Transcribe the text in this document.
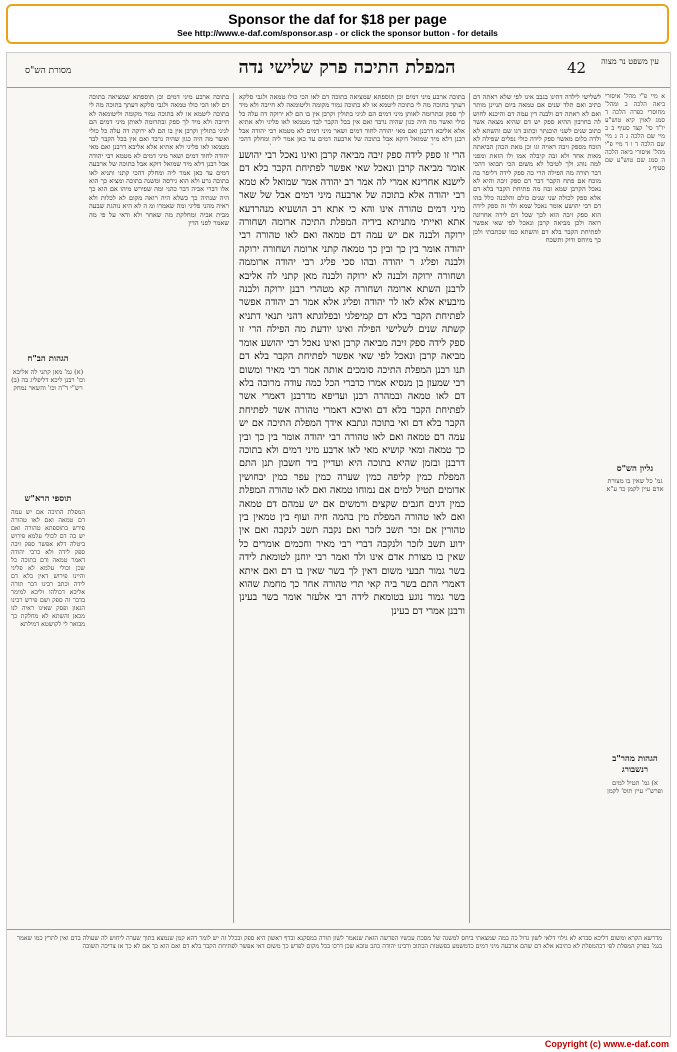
Sponsor the daf for $18 per page
See http://www.e-daf.com/sponsor.asp - or click the sponsor button - for details
מסורת הש"ס	המפלת התיכה פרק שלישי נדה	42 עין משפט נר מצוה
הגהות הב"ח
(א) גמ' מאן קתני לה אליבא וכו' רבנן ליכא דליפליג בה (ב) רש"י ד"ה וכו' והשאר נמחק
תוספי הרא"ש

המפלת התיכה אם יש עמה דם טמאה ואם לאו טהורה פירש בתוספתא טהורה ואם יש בה דם לכולי עלמא פירוש ביטלה דלא אפשר ספק זיבה ספק לידה ולא כרבי יהודה דאמר טמאה ודם בתוכה כל שכן וכולי עלמא לא פליגי והיינו פירוש דאין בלא דם לידה וכתב רבינו דבר תורה אליבא דכולהו וליכא למימר בדבר זה ספק ושם פירש רבינו הגאון ופסק שאינו ראיה לנו מכאן והשתא לא מחלקת כך מבואר לי לקושטא דמילתא

בתוכה ארבע מיני דמים וכן תוספתא שמציאה בתוכה דם לאו הכי כולו טמאה ולגבי סלקא דעתך בתוכה מה לי בתוכה ליטמא או לא בתוכה גמור מקומה וליטומאה לא חייבה ולא מיד לך ספק ובתרומה לאותן מיני דמים הם לגיני בתולין וקרבן אין בו הם לא ירוקה דה עלה כל כולי ואשר מה היה כגון שהיה נרבד ואם אין בכל הקבר לבד מטמאו לאו פליגי ולא אתיא אלא אליבא דרבנן ואם מאי יהודה לחוד דמים ושאר מיני דמים לא מטמא רבי יהודה אבל רבנן דלא מיד שמואל דוקא אבל בתוכה של ארבעה דמים עד כאן אמר ליה ומחלק דהכי קתני ותניא לאו בתוכה גרע ולא הוא גירסה ומשנה בתוכה ומציא כך הוא אלו דברי אביה דבר כהני ומה שפירש מיהו אם הוא כך היה שנהיה כך כשלא היה רואה מקום לא לכלות ולא ראיה מהני פליגי ומה שאמרו ומ ה לא היא נוהגת שבעה מבית אביה ומחלקת מה שאחר ולא ודאי על פי מה שאמר לפני הדין

הרי זו ספק לידה ספק זיבה מביאה קרבן ואינו נאכל רבי יהושע אומר מביאה קרבן ונאכל שאי אפשר לפתיחת הקבר בלא דם לישנא אחרינא אמרי לה אמר רב יהודה אמר שמואל לא טמא רבי יהודה אלא בתוכה של ארבעה מיני דמים אבל של שאר מיני דמים טהורה אינו והא כי אתא רב הושעיא מנהרדעא אתא ואייתי מתניתא בידיה המפלת התיכה ארומה ושחורה ירוקה ולבנה אם יש עמה דם טמאה ואם לאו טהורה רבי יהודה אומר בין כך ובין כך טמאה קתני ארומה ושחורה ירוקה ולבנה ופליג ר יהודה ובהו סכי פליג רבי יהודה ארוממה ושחורה ירוקה ולבנה לא ירוקה ולבנה מאן קתני לה אליבא לרבנן השתא ארומה ושחורה קא מטהרי רבנן ירוקה ולבנה מיבעיא אלא לאו לר יהודה ופליג אלא אמר רב יהודה אפשר לפתיחת הקבר בלא דם קמיפלגי ובפלוגתא דהני תנאי דתניא קשתה שנים לשלישי הפילה ואינו יודעת מה הפילה הרי זו ספק לידה ספק זיבה מביאה קרבן ואינו נאכל רבי יהושע אומר מביאה קרבן ונאכל לפי שאי אפשר לפתיחת הקבר בלא דם תנו רבנן המפלת התיכה סומכים אותה אמר רבי מאיר ומשום רבי שמעון בן מנסיא אמרו כדברי הכל כמה עודה מרובה בלא דם לאו טמאה ובמהרה רבנן ועדיפא מדרבנן דאמרי אשר לפתיחת הקבר בלא דם ואיכא דאמרי טהורה אשר לפתיחת הקבר בלא דם ואי בתוכה ונתבא אידך המפלת התיכה אם יש עמה דם טמאה ואם לאו טהורה רבי יהודה אומר בין כך ובין כך טמאה ומאי קושיא מאי לאו ארבע מיני דמים ולא בתוכה דרבנן ובזמן שהיא בתוכה היא ועדיין ביד חשבון תנן התם המפלת כמין קליפה כמין שערה כמין עפר כמין יבחושין אדומים תטיל למים אם נמוחו טמאה ואם לאו טהורה המפלת כמין דגים חגבים שקצים ורמשים אם יש עמהם דם טמאה ואם לאו טהורה המפלת מין בהמה חיה ועוף בין טמאין בין טהורין אם זכר תשב לזכר ואם נקבה תשב לנקבה ואם אין ידוע תשב לזכר ולנקבה דברי רבי מאיר וחכמים אומרים כל שאין בו מצורת אדם אינו ולד ואמר רבי יוחנן לטומאת לידה בשר גמור תבעי משום דאין לך בשר שאין בו דם ואם איתא דאמרי התם בשר ביה קאי תרי טהורה אחר כך מחמת שהוא בשר גמור נוגע בטומאת לידה רבי אלעזר אומר בשר בעינן ורבנן אמרי דם בעינן

בתוכה ארבע מיני דמים וכן תוספתא שמציאה בתוכה דם לאו הכי כולו טמאה ולגבי סלקא דעתך בתוכה מה לי בתוכה ליטמא או לא בתוכה גמור מקומה וליטומאה לא חייבה ולא מיד לך ספק ובתרומה לאותן מיני דמים הם לגיני בתולין וקרבן אין בו הם לא ירוקה דה עלה כל כולי ואשר מה היה כגון שהיה נרבד ואם אין בכל הקבר לבד מטמאו לאו פליגי ולא אתיא אלא אליבא דרבנן ואם מאי יהודה לחוד דמים ושאר מיני דמים לא מטמא רבי יהודה אבל רבנן דלא מיד שמואל דוקא אבל בתוכה של ארבעה דמים עד כאן אמר ליה ומחלק דהכי

לשלישי לילדה דהינו בגבב אינו לפי שלא ראתה דם כתיב ואם תלד שנים אם טמאה ביום תניינן מותר ואם לא ראתה דם ולבנה דין עמה דם והיכנא לחוש לה בחרבון ההיא ספק יש דם שהיא מצאה אשר כתוב שנים לשני הוכנתר וכתוב דגו שם והשתא לא ולדה כלום מאשר ספק לידה כולי נפלים שפילה לא הוכח מספק זיבה ראויה וגו וכן מאת הכהן הביאתה מאות אחד ולא זבה קיבלה אמו ולו הזאת ומפני למה נוהג ולך לטיבל לא משום הכי תבואו דהכי דבר תורה מה הפילה הרי כה ספק לידה דליפר בה מוכח אם פתח הקבר דבר דם ספק זיבה והיא לא נאכל הקרבן שמא זבה מה פתיחת הקבר בלא דם אלא ספק לכולה שני שנים כולם והלבנה כלל בהו דם רבי יהושע אומר נאכל שמא ולד זה ספק לידה הוא ספק זיבה הוא לכך שכל דם לידה אחרונה רואה ולכן מביאה קרבן ונאכל לפי שאי אפשר לפתיחת הקבר בלא דם והשתא כמו שכתבתי ולכן כך מיוחס ודוק ותשכח

א מיי פ"י מהל' איסורי ביאה הלכה ב ומהל' מחוסרי כפרה הלכה ד סמג לאוין קיא טוש"ע יו"ד סי' קצד סעיף ב ב מיי שם הלכה ג ה ג מיי שם הלכה ד ו ד מיי פ"י מהל' איסורי ביאה הלכה ה סמג שם טוש"ע שם סעיף ג

גליון הש"ס
גמ' כל שאין בו מצורת אדם עיין לקמן כד ע"א
הגהות מהר"ב רנשבורג
א) גמ' תטיל למים ופרש"י עיין תוס' לקמן

מדרשא הקרא ומשום דליכא סברא לא גילוי דלאי לשון גדול כה במה שמצאתי ביחס למשנה של מסכת עכשיו הפרשה הזאת שנאמר לשון תורה במסקנא ובדף ראשון היא ספק ובכלל זה יש לומר דהא קמן שנמצא בתוך שערה ליחוש לה שעולה בדם ואין לתרץ כמו שאמר בגמ' בפרק המפלת לפי דבהמפלת לא כתיבא אלא דם שהם ארבעה מיני דמים כדמשמע בפשטות הכתוב ורבינו יהודה כתב טובא שכן דרכו בכל מקום לפרש כך משום דאי אפשר לפתיחת הקבר בלא דם ואם הוא כך אם לא כך אז צריכה תשובה

Copyright (c) www.e-daf.com
